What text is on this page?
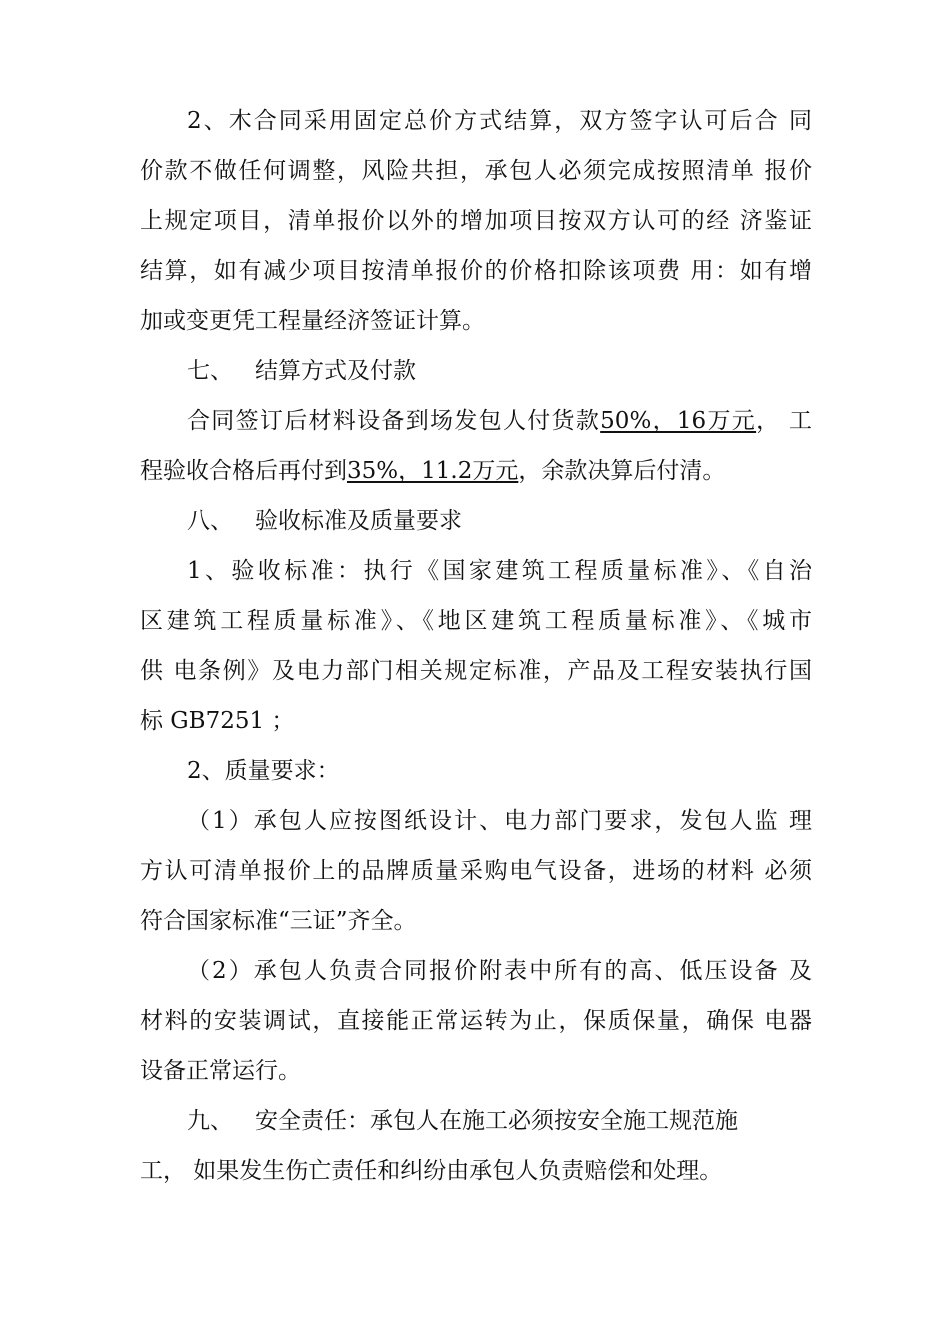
2、木合同采用固定总价方式结算，双方签字认可后合 同
价款不做任何调整，风险共担，承包人必须完成按照清单 报价
上规定项目，清单报价以外的增加项目按双方认可的经 济鉴证
结算，如有减少项目按清单报价的价格扣除该项费 用：如有增
加或变更凭工程量经济签证计算。
七、 结算方式及付款
合同签订后材料设备到场发包人付货款50%，16万元， 工
程验收合格后再付到35%，11.2万元，余款决算后付清。
八、 验收标准及质量要求
1、验收标准：执行《国家建筑工程质量标准》、《自治
区建筑工程质量标准》、《地区建筑工程质量标准》、《城市
供 电条例》及电力部门相关规定标准，产品及工程安装执行国
标 GB7251 ；
2、质量要求：
（1）承包人应按图纸设计、电力部门要求，发包人监 理
方认可清单报价上的品牌质量采购电气设备，进场的材料 必须
符合国家标准“三证”齐全。
（2）承包人负责合同报价附表中所有的高、低压设备 及
材料的安装调试，直接能正常运转为止，保质保量，确保 电器
设备正常运行。
九、 安全责任：承包人在施工必须按安全施工规范施
工， 如果发生伤亡责任和纠纷由承包人负责赔偿和处理。
